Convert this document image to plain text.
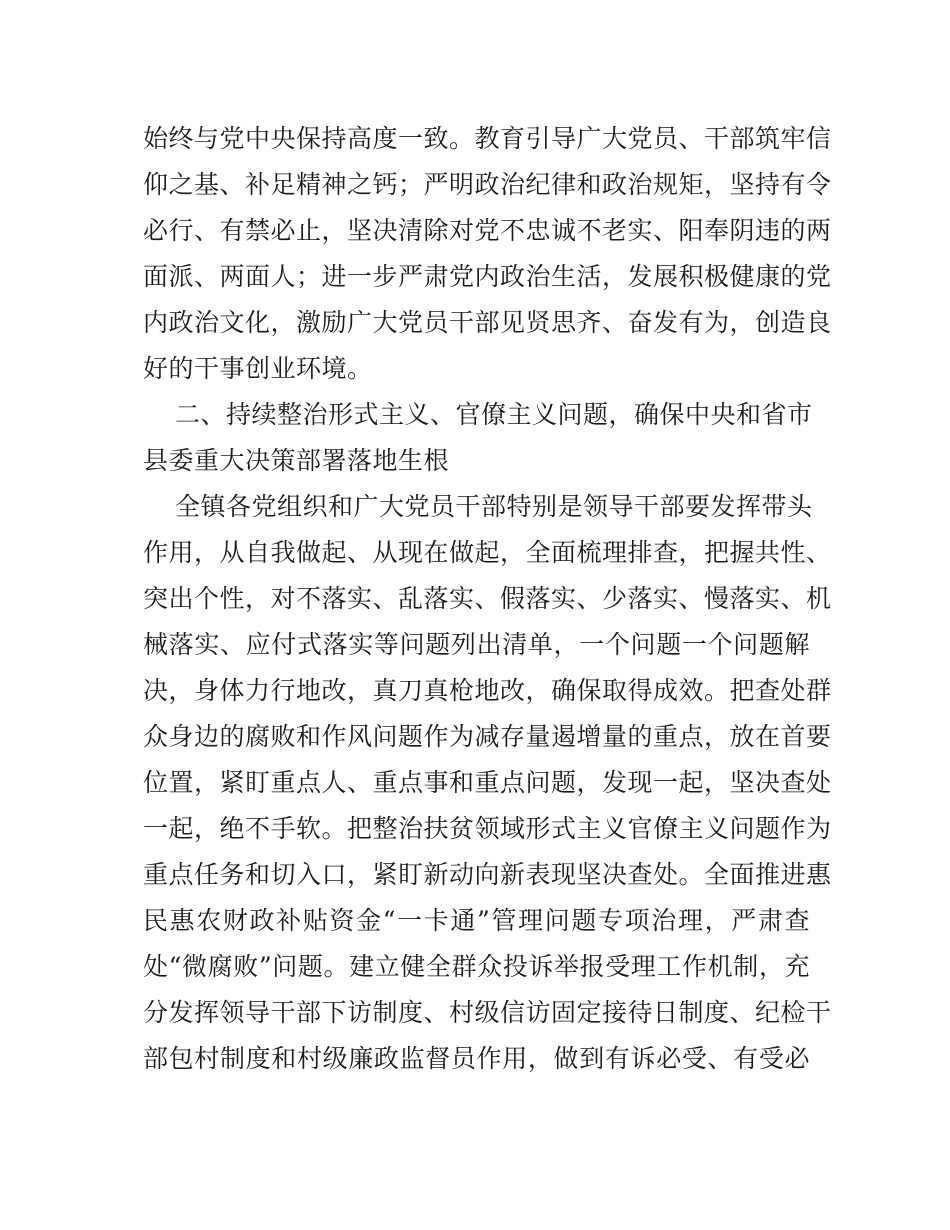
始终与党中央保持高度一致。教育引导广大党员、干部筑牢信
仰之基、补足精神之钙；严明政治纪律和政治规矩，坚持有令
必行、有禁必止，坚决清除对党不忠诚不老实、阳奉阴违的两
面派、两面人；进一步严肃党内政治生活，发展积极健康的党
内政治文化，激励广大党员干部见贤思齐、奋发有为，创造良
好的干事创业环境。
二、持续整治形式主义、官僚主义问题，确保中央和省市
县委重大决策部署落地生根
全镇各党组织和广大党员干部特别是领导干部要发挥带头
作用，从自我做起、从现在做起，全面梳理排查，把握共性、
突出个性，对不落实、乱落实、假落实、少落实、慢落实、机
械落实、应付式落实等问题列出清单，一个问题一个问题解
决，身体力行地改，真刀真枪地改，确保取得成效。把查处群
众身边的腐败和作风问题作为减存量遏增量的重点，放在首要
位置，紧盯重点人、重点事和重点问题，发现一起，坚决查处
一起，绝不手软。把整治扶贫领域形式主义官僚主义问题作为
重点任务和切入口，紧盯新动向新表现坚决查处。全面推进惠
民惠农财政补贴资金“一卡通”管理问题专项治理，严肃查
处“微腐败”问题。建立健全群众投诉举报受理工作机制，充
分发挥领导干部下访制度、村级信访固定接待日制度、纪检干
部包村制度和村级廉政监督员作用，做到有诉必受、有受必
